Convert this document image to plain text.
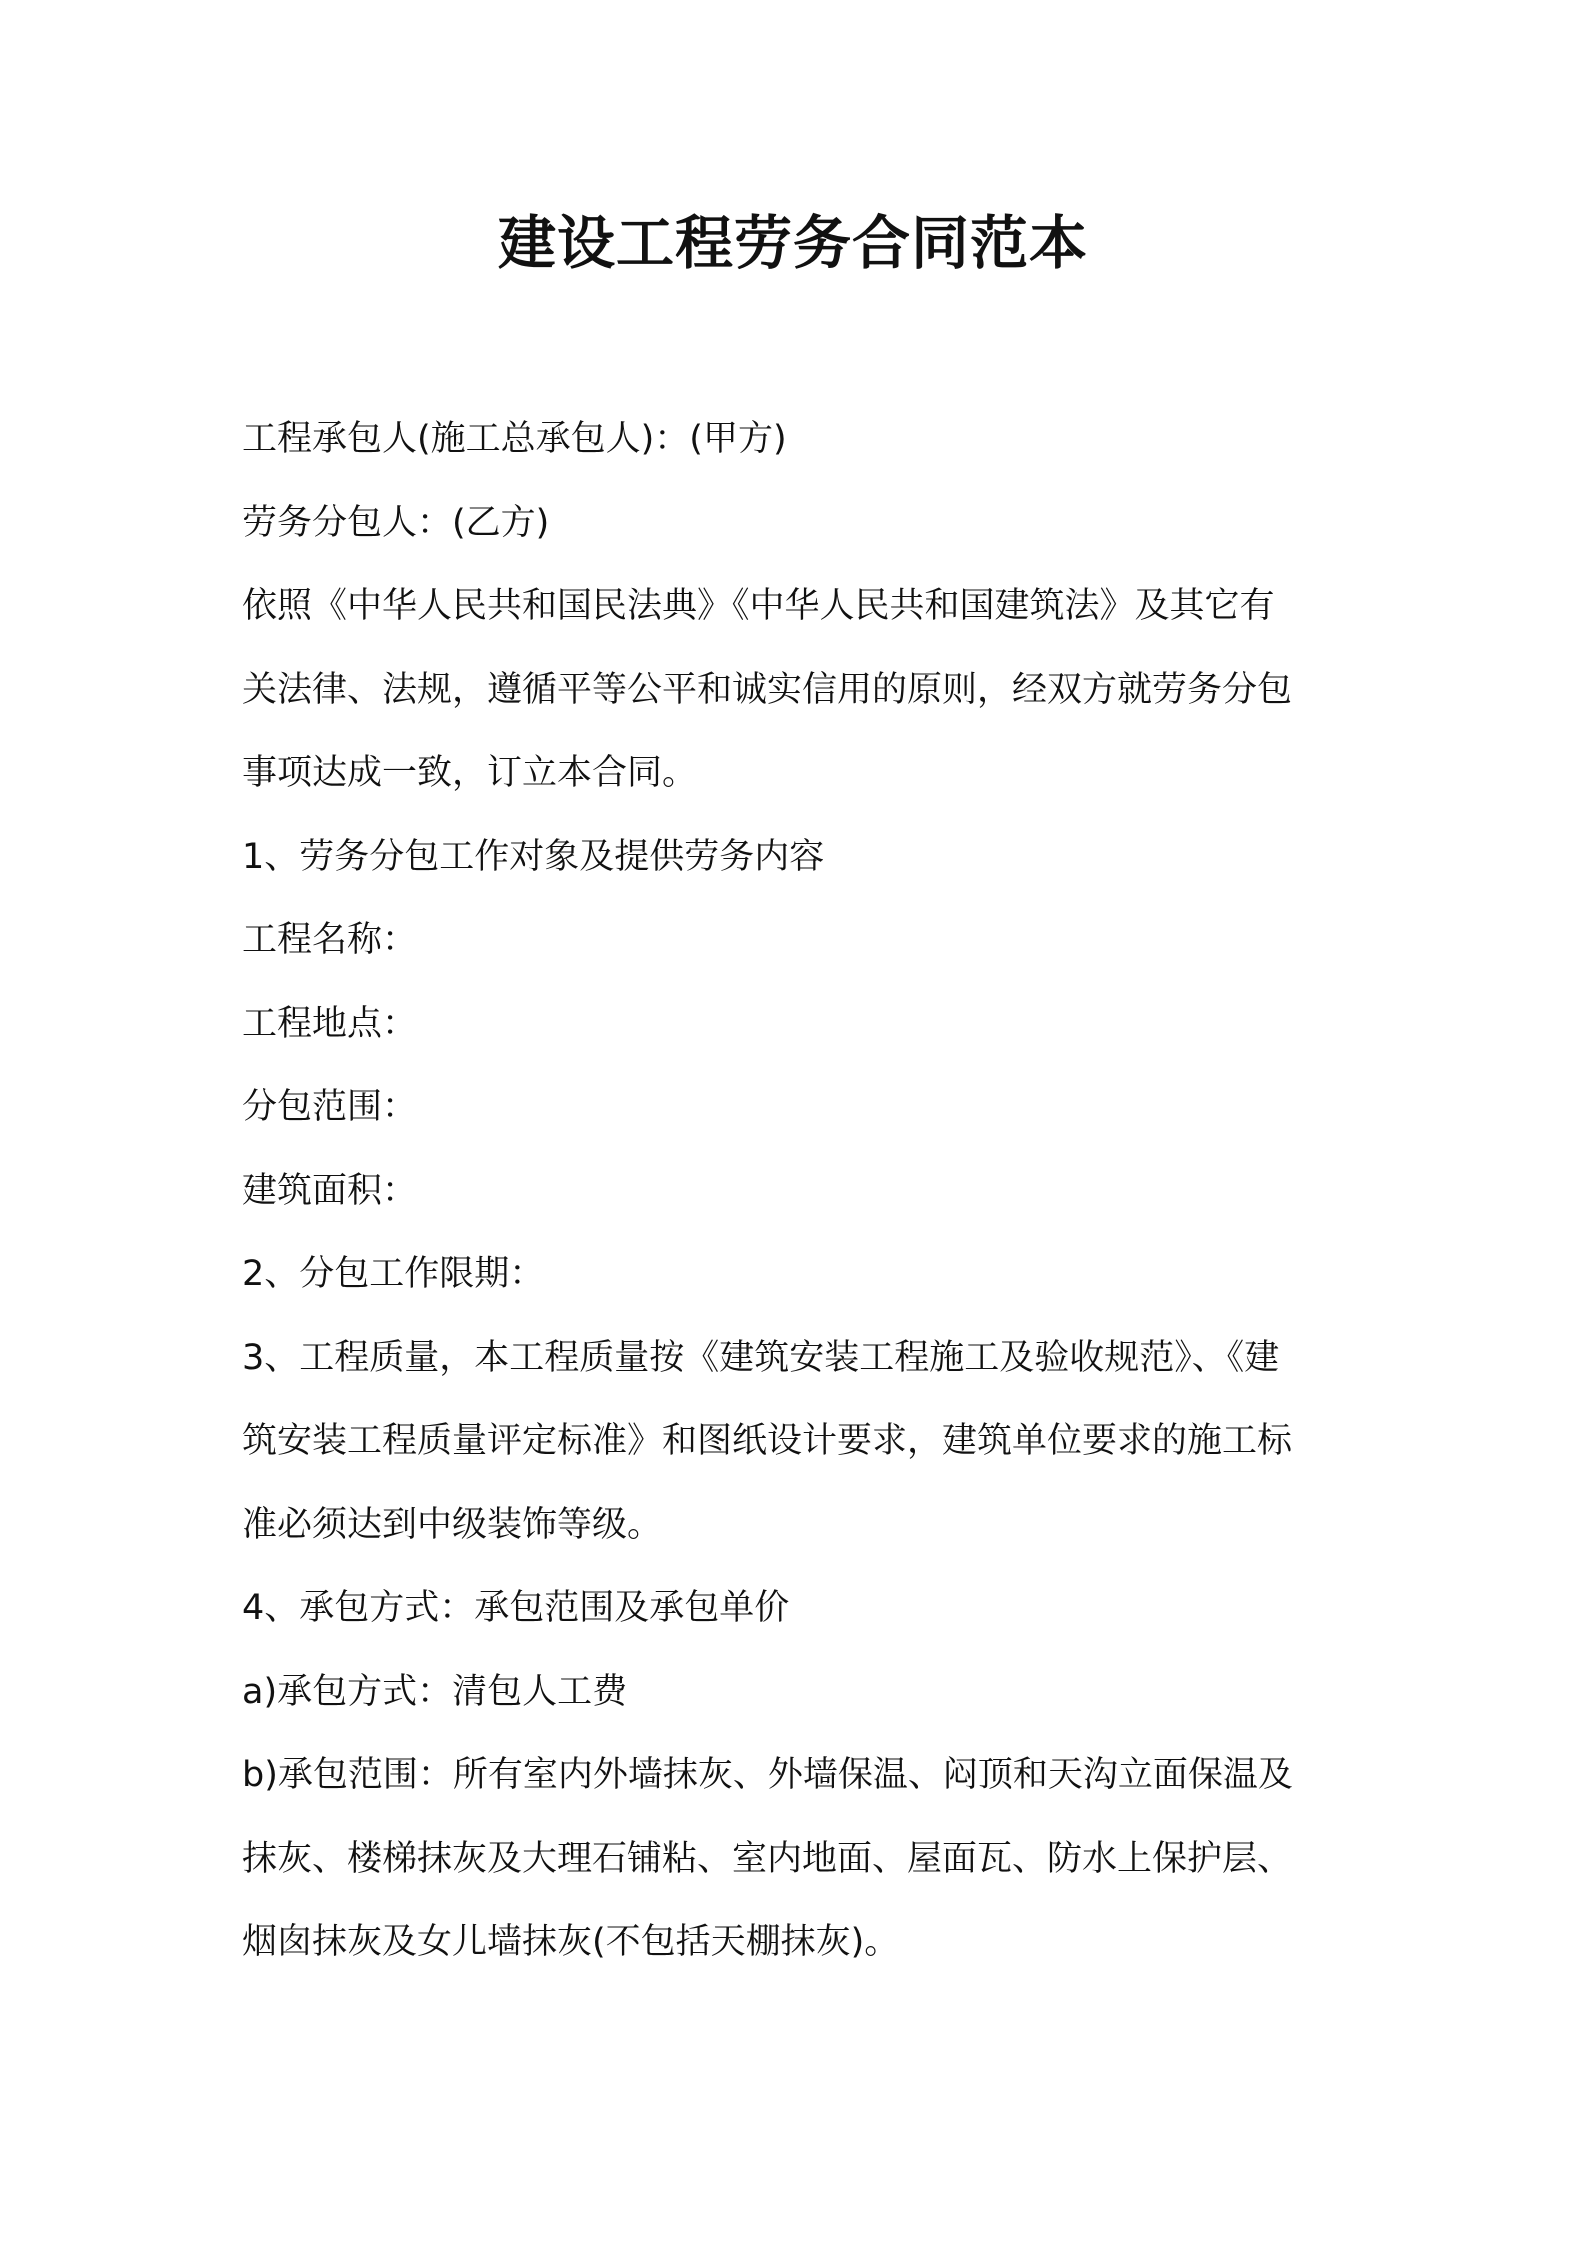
建设工程劳务合同范本

工程承包人(施工总承包人)：(甲方)

劳务分包人：(乙方)

依照《中华人民共和国民法典》《中华人民共和国建筑法》及其它有

关法律、法规，遵循平等公平和诚实信用的原则，经双方就劳务分包

事项达成一致，订立本合同。

1、劳务分包工作对象及提供劳务内容

工程名称：

工程地点：

分包范围：

建筑面积：

2、分包工作限期：

3、工程质量，本工程质量按《建筑安装工程施工及验收规范》、《建

筑安装工程质量评定标准》和图纸设计要求，建筑单位要求的施工标

准必须达到中级装饰等级。

4、承包方式：承包范围及承包单价

a)承包方式：清包人工费

b)承包范围：所有室内外墙抹灰、外墙保温、闷顶和天沟立面保温及

抹灰、楼梯抹灰及大理石铺粘、室内地面、屋面瓦、防水上保护层、

烟囱抹灰及女儿墙抹灰(不包括天棚抹灰)。
